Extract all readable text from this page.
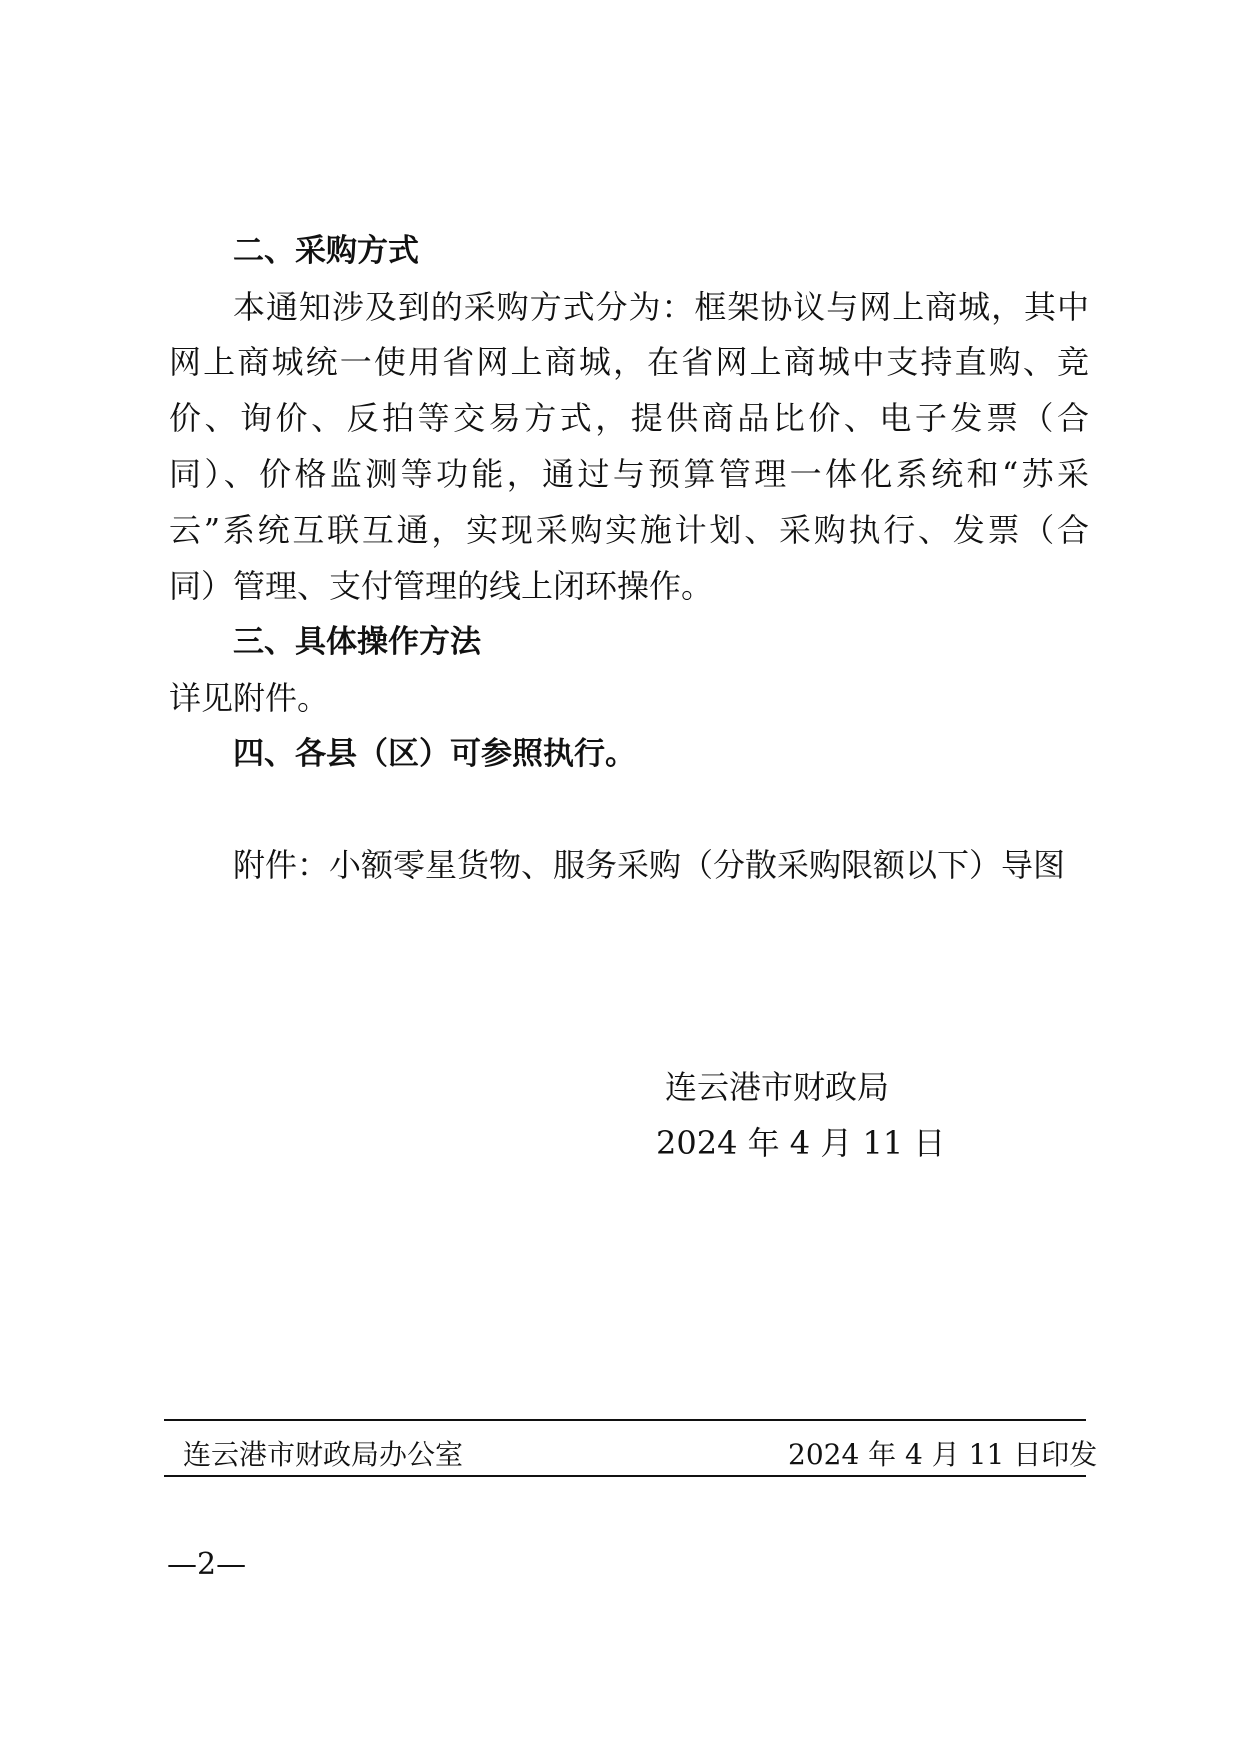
二、采购方式
本通知涉及到的采购方式分为：框架协议与网上商城，其中
网上商城统一使用省网上商城，在省网上商城中支持直购、竞
价、询价、反拍等交易方式，提供商品比价、电子发票（合
同）、价格监测等功能，通过与预算管理一体化系统和“苏采
云”系统互联互通，实现采购实施计划、采购执行、发票（合
同）管理、支付管理的线上闭环操作。
三、具体操作方法
详见附件。
四、各县（区）可参照执行。
附件：小额零星货物、服务采购（分散采购限额以下）导图
连云港市财政局
2024 年 4 月 11 日
连云港市财政局办公室	2024 年 4 月 11 日印发
—2—
